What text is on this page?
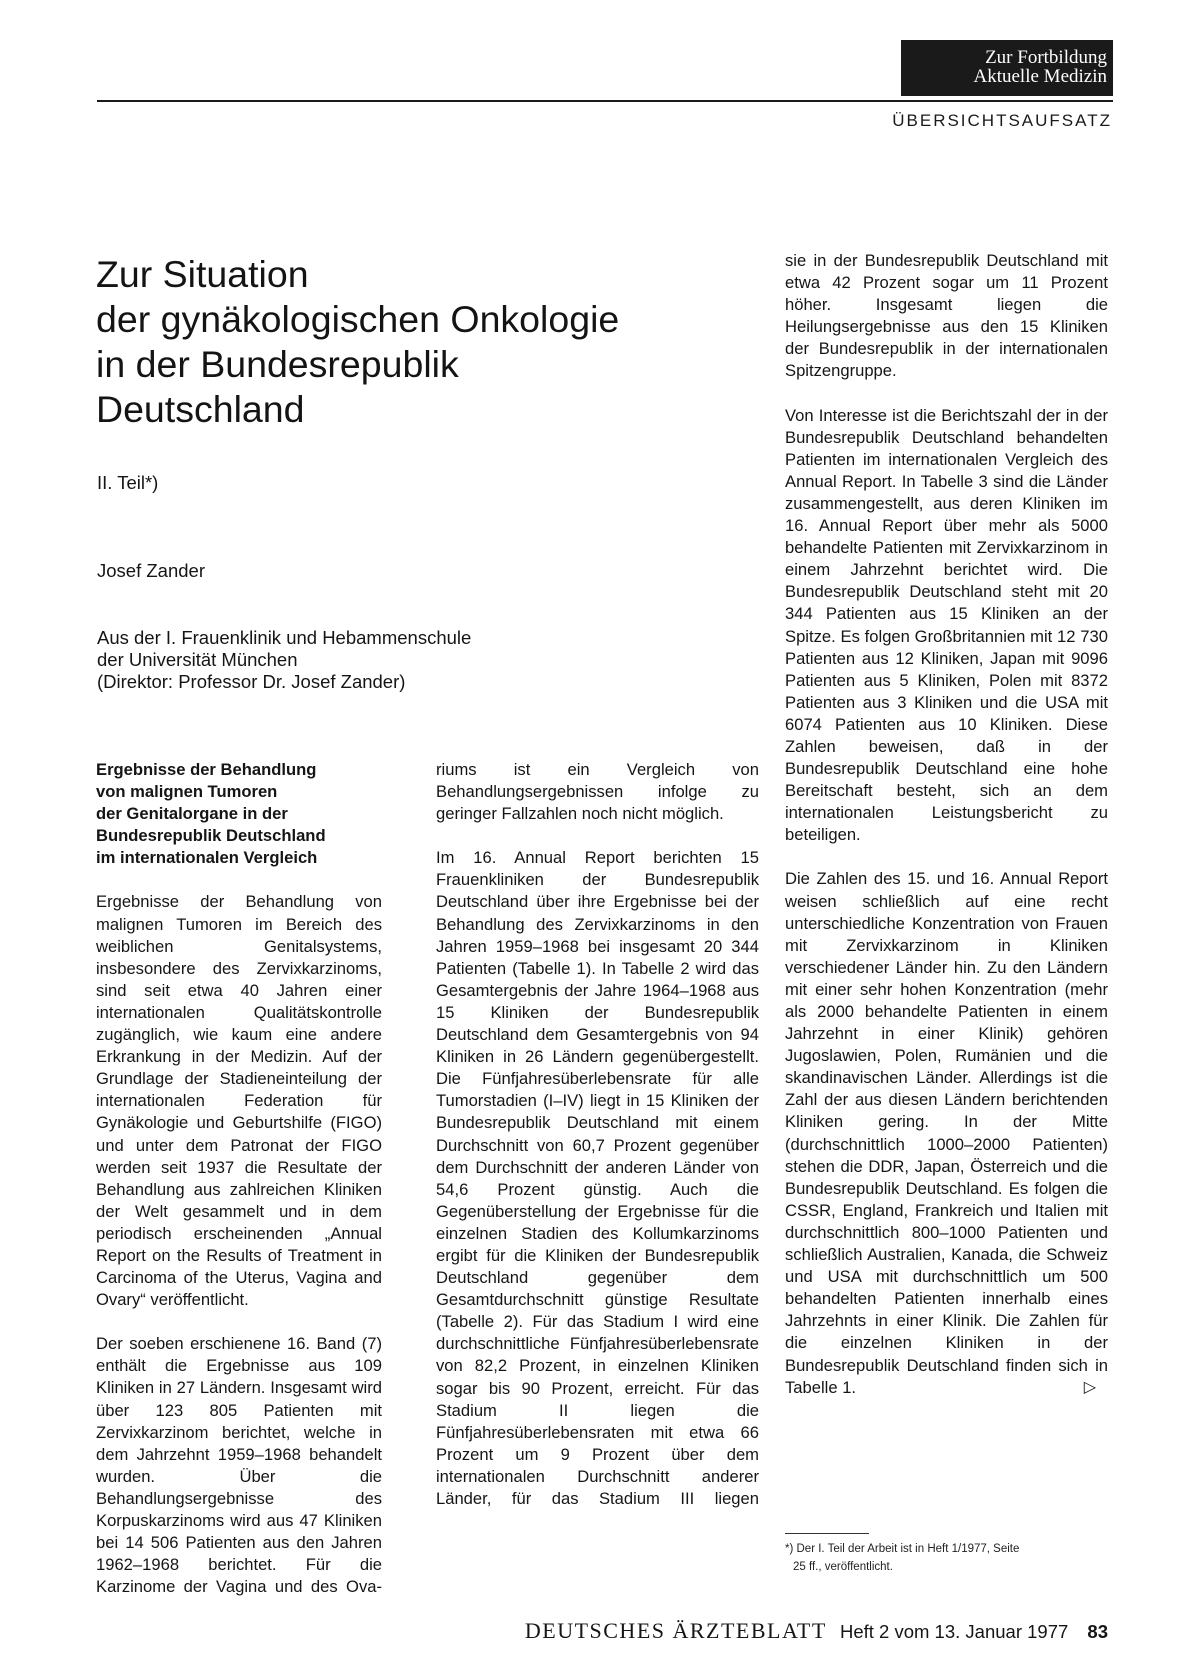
Zur Fortbildung
Aktuelle Medizin
ÜBERSICHTSAUFSATZ
Zur Situation
der gynäkologischen Onkologie
in der Bundesrepublik
Deutschland
II. Teil*)
Josef Zander
Aus der I. Frauenklinik und Hebammenschule
der Universität München
(Direktor: Professor Dr. Josef Zander)
Ergebnisse der Behandlung
von malignen Tumoren
der Genitalorgane in der
Bundesrepublik Deutschland
im internationalen Vergleich

Ergebnisse der Behandlung von malignen Tumoren im Bereich des weiblichen Genitalsystems, insbesondere des Zervixkarzinoms, sind seit etwa 40 Jahren einer internationalen Qualitätskontrolle zugänglich, wie kaum eine andere Erkrankung in der Medizin. Auf der Grundlage der Stadieneinteilung der internationalen Federation für Gynäkologie und Geburtshilfe (FIGO) und unter dem Patronat der FIGO werden seit 1937 die Resultate der Behandlung aus zahlreichen Kliniken der Welt gesammelt und in dem periodisch erscheinenden „Annual Report on the Results of Treatment in Carcinoma of the Uterus, Vagina and Ovary“ veröffentlicht.

Der soeben erschienene 16. Band (7) enthält die Ergebnisse aus 109 Kliniken in 27 Ländern. Insgesamt wird über 123 805 Patienten mit Zervixkarzinom berichtet, welche in dem Jahrzehnt 1959–1968 behandelt wurden. Über die Behandlungsergebnisse des Korpuskarzinoms wird aus 47 Kliniken bei 14 506 Patienten aus den Jahren 1962–1968 berichtet. Für die Karzinome der Vagina und des Ova-

riums ist ein Vergleich von Behandlungsergebnissen infolge zu geringer Fallzahlen noch nicht möglich.

Im 16. Annual Report berichten 15 Frauenkliniken der Bundesrepublik Deutschland über ihre Ergebnisse bei der Behandlung des Zervixkarzinoms in den Jahren 1959–1968 bei insgesamt 20 344 Patienten (Tabelle 1). In Tabelle 2 wird das Gesamtergebnis der Jahre 1964–1968 aus 15 Kliniken der Bundesrepublik Deutschland dem Gesamtergebnis von 94 Kliniken in 26 Ländern gegenübergestellt. Die Fünfjahresüberlebensrate für alle Tumorstadien (I–IV) liegt in 15 Kliniken der Bundesrepublik Deutschland mit einem Durchschnitt von 60,7 Prozent gegenüber dem Durchschnitt der anderen Länder von 54,6 Prozent günstig. Auch die Gegenüberstellung der Ergebnisse für die einzelnen Stadien des Kollumkarzinoms ergibt für die Kliniken der Bundesrepublik Deutschland gegenüber dem Gesamtdurchschnitt günstige Resultate (Tabelle 2). Für das Stadium I wird eine durchschnittliche Fünfjahresüberlebensrate von 82,2 Prozent, in einzelnen Kliniken sogar bis 90 Prozent, erreicht. Für das Stadium II liegen die Fünfjahresüberlebensraten mit etwa 66 Prozent um 9 Prozent über dem internationalen Durchschnitt anderer Länder, für das Stadium III liegen

sie in der Bundesrepublik Deutschland mit etwa 42 Prozent sogar um 11 Prozent höher. Insgesamt liegen die Heilungsergebnisse aus den 15 Kliniken der Bundesrepublik in der internationalen Spitzengruppe.

Von Interesse ist die Berichtszahl der in der Bundesrepublik Deutschland behandelten Patienten im internationalen Vergleich des Annual Report. In Tabelle 3 sind die Länder zusammengestellt, aus deren Kliniken im 16. Annual Report über mehr als 5000 behandelte Patienten mit Zervixkarzinom in einem Jahrzehnt berichtet wird. Die Bundesrepublik Deutschland steht mit 20 344 Patienten aus 15 Kliniken an der Spitze. Es folgen Großbritannien mit 12 730 Patienten aus 12 Kliniken, Japan mit 9096 Patienten aus 5 Kliniken, Polen mit 8372 Patienten aus 3 Kliniken und die USA mit 6074 Patienten aus 10 Kliniken. Diese Zahlen beweisen, daß in der Bundesrepublik Deutschland eine hohe Bereitschaft besteht, sich an dem internationalen Leistungsbericht zu beteiligen.

Die Zahlen des 15. und 16. Annual Report weisen schließlich auf eine recht unterschiedliche Konzentration von Frauen mit Zervixkarzinom in Kliniken verschiedener Länder hin. Zu den Ländern mit einer sehr hohen Konzentration (mehr als 2000 behandelte Patienten in einem Jahrzehnt in einer Klinik) gehören Jugoslawien, Polen, Rumänien und die skandinavischen Länder. Allerdings ist die Zahl der aus diesen Ländern berichtenden Kliniken gering. In der Mitte (durchschnittlich 1000–2000 Patienten) stehen die DDR, Japan, Österreich und die Bundesrepublik Deutschland. Es folgen die CSSR, England, Frankreich und Italien mit durchschnittlich 800–1000 Patienten und schließlich Australien, Kanada, die Schweiz und USA mit durchschnittlich um 500 behandelten Patienten innerhalb eines Jahrzehnts in einer Klinik. Die Zahlen für die einzelnen Kliniken in der Bundesrepublik Deutschland finden sich in Tabelle 1.	▷

*) Der I. Teil der Arbeit ist in Heft 1/1977, Seite
25 ff., veröffentlicht.
DEUTSCHES ÄRZTEBLATT Heft 2 vom 13. Januar 1977 83
